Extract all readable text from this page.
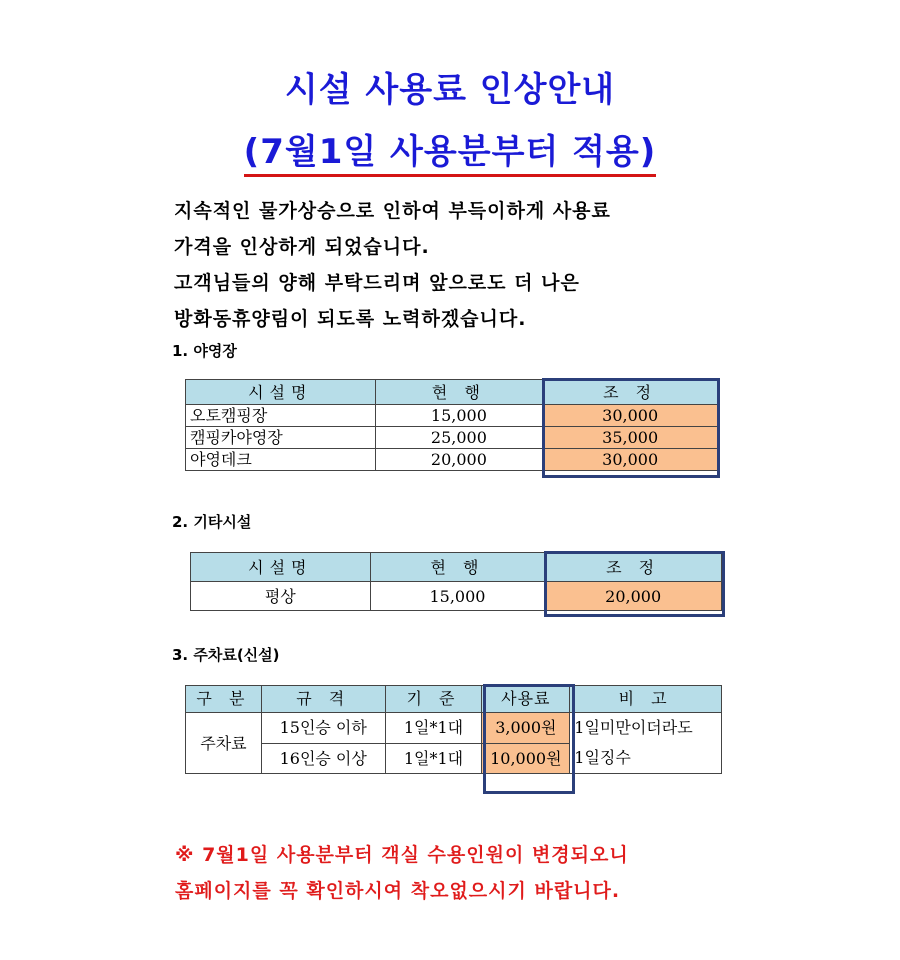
시설 사용료 인상안내
(7월1일 사용분부터 적용)
지속적인 물가상승으로 인하여 부득이하게 사용료
가격을 인상하게 되었습니다.
고객님들의 양해 부탁드리며 앞으로도 더 나은
방화동휴양림이 되도록 노력하겠습니다.
1. 야영장
시설명	현 행	조 정
오토캠핑장	15,000	30,000
캠핑카야영장	25,000	35,000
야영데크	20,000	30,000
2. 기타시설
시설명	현 행	조 정
평상	15,000	20,000
3. 주차료(신설)
구 분	규 격	기 준	사용료	비 고
주차료	15인승 이하	1일*1대	3,000원	1일미만이더라도
1일징수

	16인승 이상	1일*1대	10,000원	
※ 7월1일 사용분부터 객실 수용인원이 변경되오니
홈페이지를 꼭 확인하시여 착오없으시기 바랍니다.
